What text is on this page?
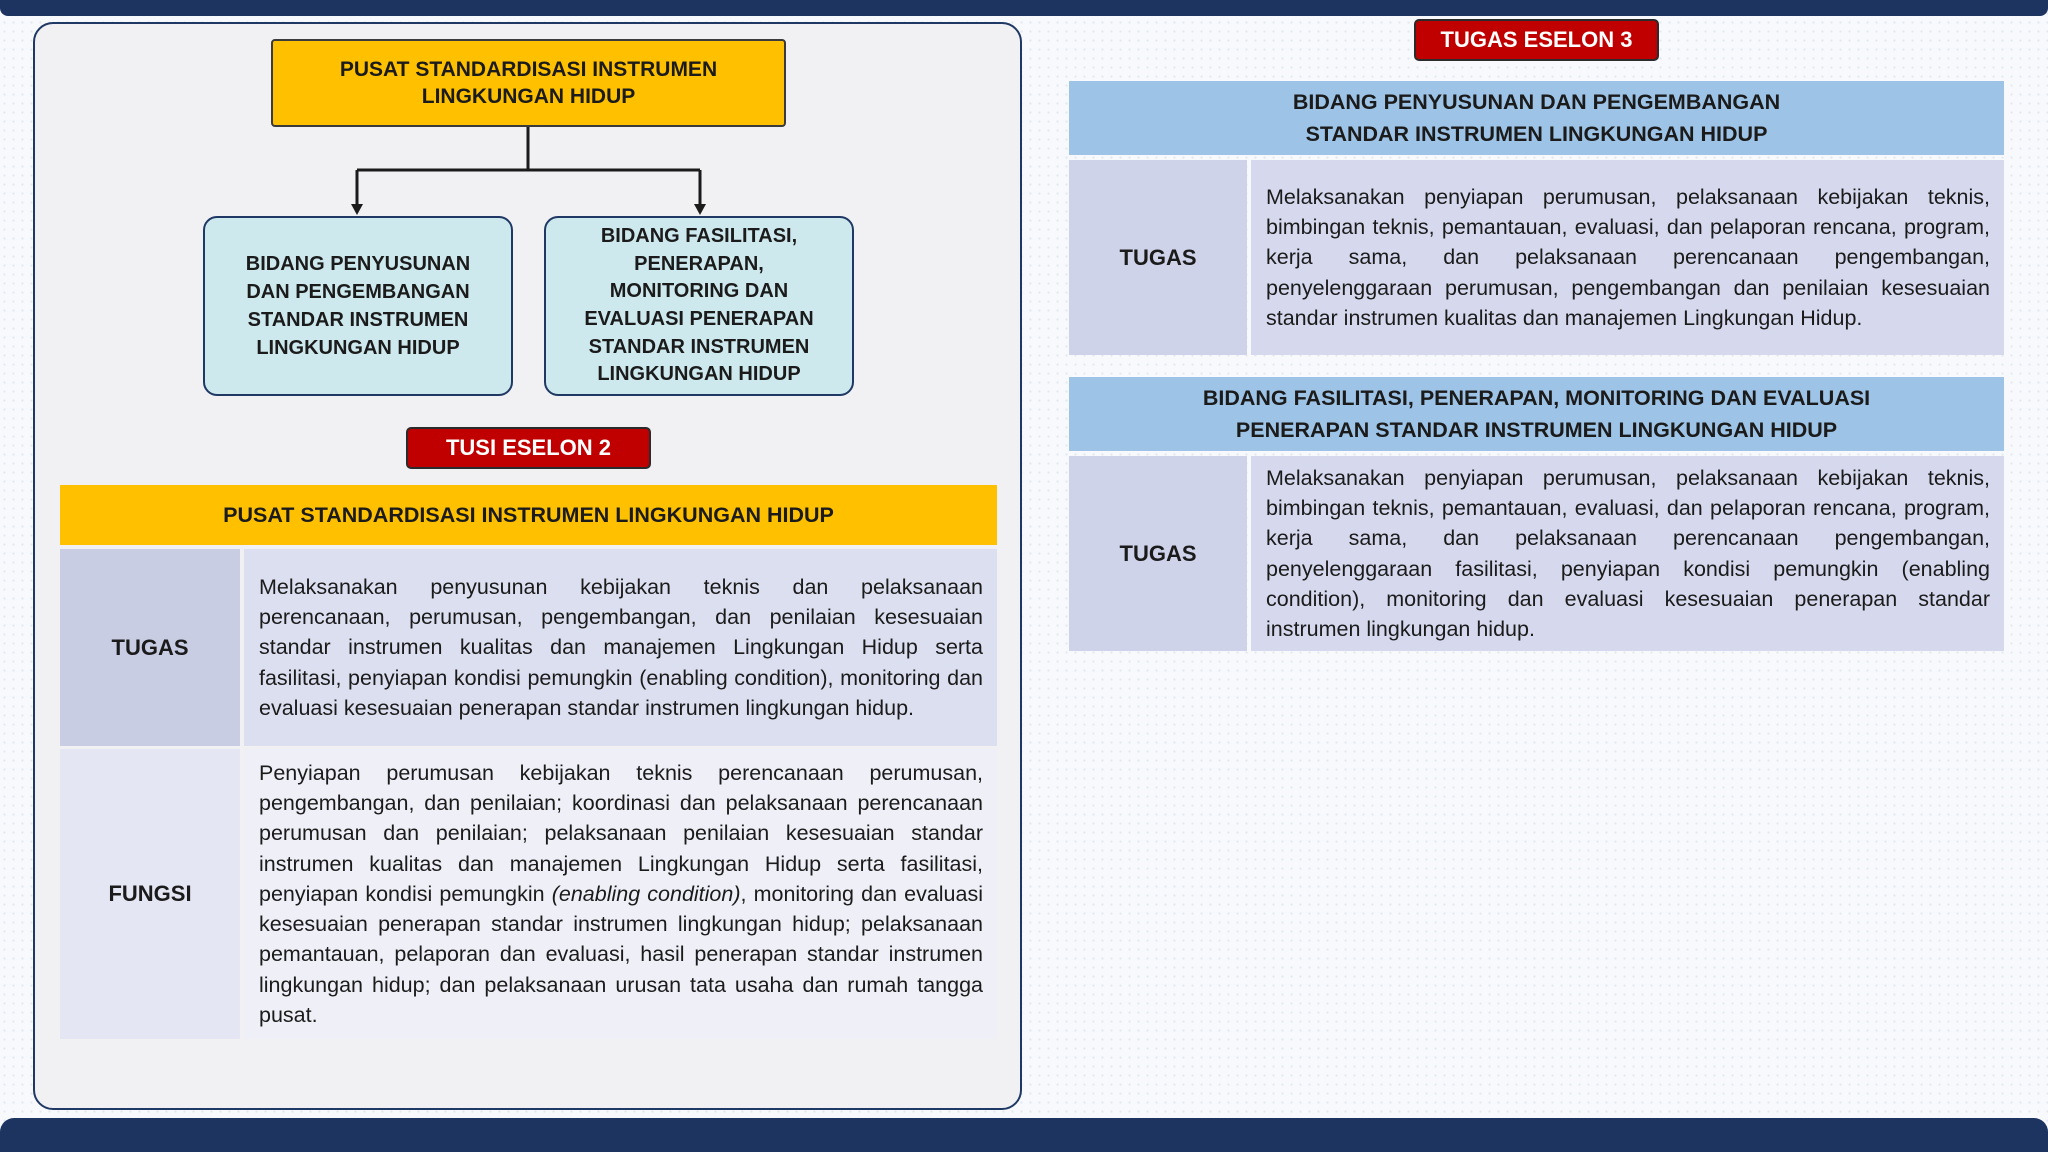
PUSAT STANDARDISASI INSTRUMEN LINGKUNGAN HIDUP
BIDANG PENYUSUNAN DAN PENGEMBANGAN STANDAR INSTRUMEN LINGKUNGAN HIDUP
BIDANG FASILITASI, PENERAPAN, MONITORING DAN EVALUASI PENERAPAN STANDAR INSTRUMEN LINGKUNGAN HIDUP
TUSI ESELON 2
PUSAT STANDARDISASI INSTRUMEN LINGKUNGAN HIDUP
TUGAS
Melaksanakan penyusunan kebijakan teknis dan pelaksanaan perencanaan, perumusan, pengembangan, dan penilaian kesesuaian standar instrumen kualitas dan manajemen Lingkungan Hidup serta fasilitasi, penyiapan kondisi pemungkin (enabling condition), monitoring dan evaluasi kesesuaian penerapan standar instrumen lingkungan hidup.
FUNGSI
Penyiapan perumusan kebijakan teknis perencanaan perumusan, pengembangan, dan penilaian; koordinasi dan pelaksanaan perencanaan perumusan dan penilaian; pelaksanaan penilaian kesesuaian standar instrumen kualitas dan manajemen Lingkungan Hidup serta fasilitasi, penyiapan kondisi pemungkin (enabling condition), monitoring dan evaluasi kesesuaian penerapan standar instrumen lingkungan hidup; pelaksanaan pemantauan, pelaporan dan evaluasi, hasil penerapan standar instrumen lingkungan hidup; dan pelaksanaan urusan tata usaha dan rumah tangga pusat.
TUGAS ESELON 3
BIDANG PENYUSUNAN DAN PENGEMBANGAN
STANDAR INSTRUMEN LINGKUNGAN HIDUP
TUGAS
Melaksanakan penyiapan perumusan, pelaksanaan kebijakan teknis, bimbingan teknis, pemantauan, evaluasi, dan pelaporan rencana, program, kerja sama, dan pelaksanaan perencanaan pengembangan, penyelenggaraan perumusan, pengembangan dan penilaian kesesuaian standar instrumen kualitas dan manajemen Lingkungan Hidup.
BIDANG FASILITASI, PENERAPAN, MONITORING DAN EVALUASI
PENERAPAN STANDAR INSTRUMEN LINGKUNGAN HIDUP
TUGAS
Melaksanakan penyiapan perumusan, pelaksanaan kebijakan teknis, bimbingan teknis, pemantauan, evaluasi, dan pelaporan rencana, program, kerja sama, dan pelaksanaan perencanaan pengembangan, penyelenggaraan fasilitasi, penyiapan kondisi pemungkin (enabling condition), monitoring dan evaluasi kesesuaian penerapan standar instrumen lingkungan hidup.
